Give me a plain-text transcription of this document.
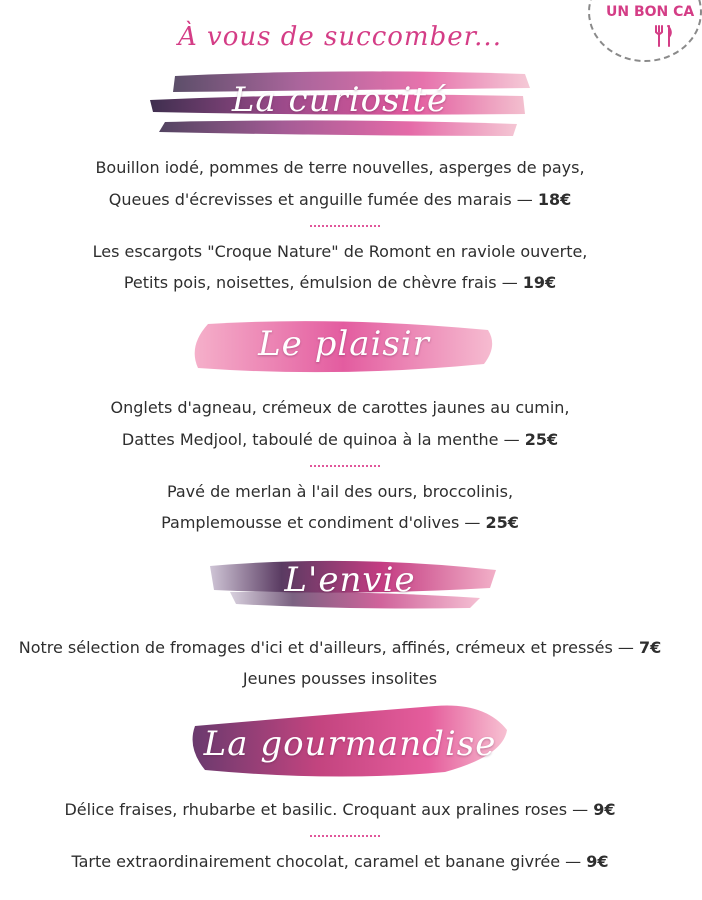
À vous de succomber...
UN BON CA
La curiosité
Bouillon iodé, pommes de terre nouvelles, asperges de pays,
Queues d'écrevisses et anguille fumée des marais — 18€
Les escargots "Croque Nature" de Romont en raviole ouverte,
Petits pois, noisettes, émulsion de chèvre frais — 19€
Le plaisir
Onglets d'agneau, crémeux de carottes jaunes au cumin,
Dattes Medjool, taboulé de quinoa à la menthe — 25€
Pavé de merlan à l'ail des ours, broccolinis,
Pamplemousse et condiment d'olives — 25€
L'envie
Notre sélection de fromages d'ici et d'ailleurs, affinés, crémeux et pressés — 7€
Jeunes pousses insolites
La gourmandise
Délice fraises, rhubarbe et basilic. Croquant aux pralines roses — 9€
Tarte extraordinairement chocolat, caramel et banane givrée — 9€
